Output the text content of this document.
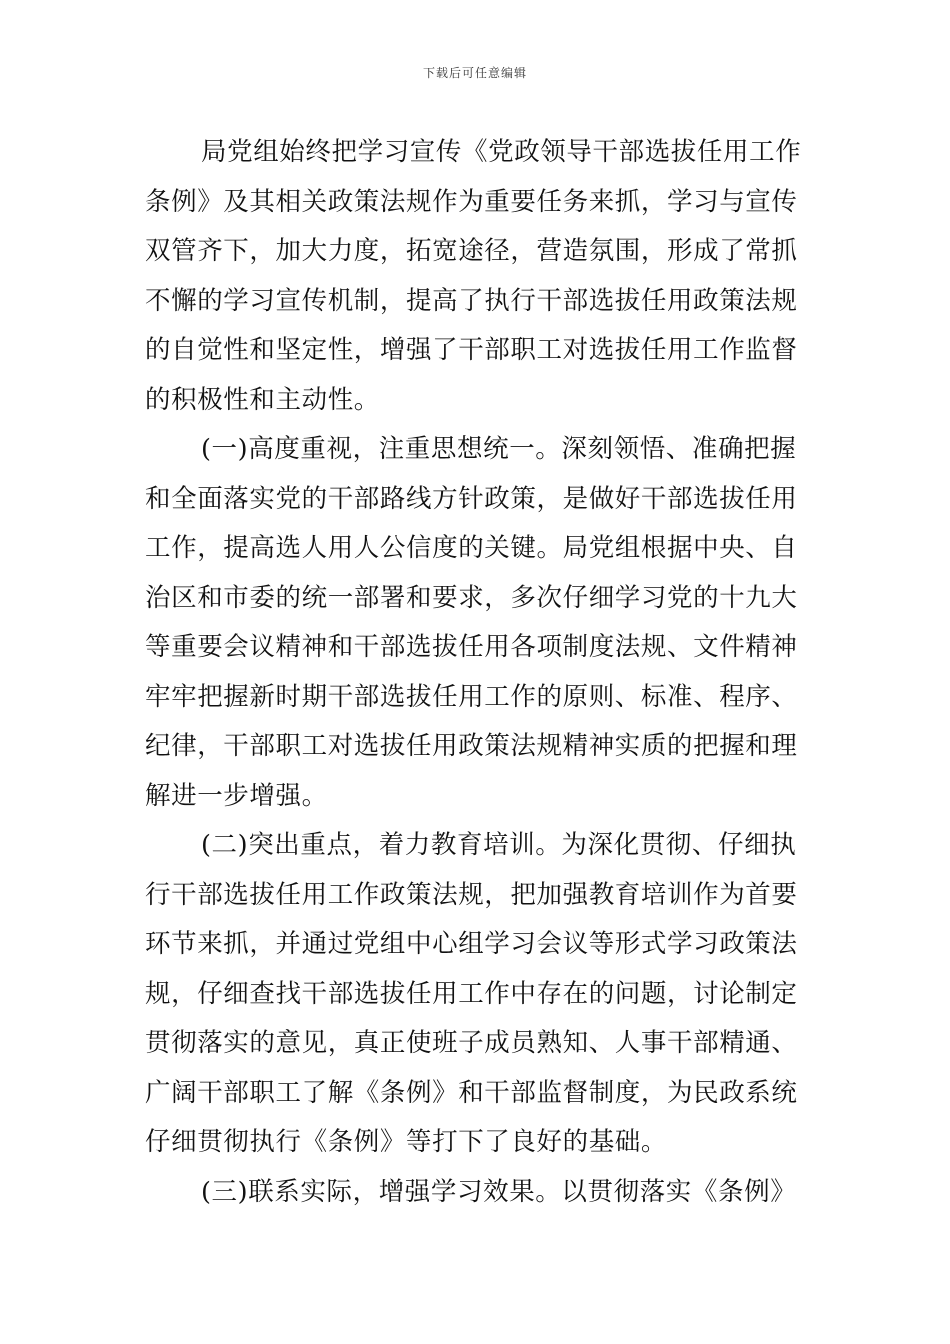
下载后可任意编辑
局党组始终把学习宣传《党政领导干部选拔任用工作
条例》及其相关政策法规作为重要任务来抓，学习与宣传
双管齐下，加大力度，拓宽途径，营造氛围，形成了常抓
不懈的学习宣传机制，提高了执行干部选拔任用政策法规
的自觉性和坚定性，增强了干部职工对选拔任用工作监督
的积极性和主动性。
(一)高度重视，注重思想统一。深刻领悟、准确把握
和全面落实党的干部路线方针政策，是做好干部选拔任用
工作，提高选人用人公信度的关键。局党组根据中央、自
治区和市委的统一部署和要求，多次仔细学习党的十九大
等重要会议精神和干部选拔任用各项制度法规、文件精神
牢牢把握新时期干部选拔任用工作的原则、标准、程序、
纪律，干部职工对选拔任用政策法规精神实质的把握和理
解进一步增强。
(二)突出重点，着力教育培训。为深化贯彻、仔细执
行干部选拔任用工作政策法规，把加强教育培训作为首要
环节来抓，并通过党组中心组学习会议等形式学习政策法
规，仔细查找干部选拔任用工作中存在的问题，讨论制定
贯彻落实的意见，真正使班子成员熟知、人事干部精通、
广阔干部职工了解《条例》和干部监督制度，为民政系统
仔细贯彻执行《条例》等打下了良好的基础。
(三)联系实际，增强学习效果。以贯彻落实《条例》
